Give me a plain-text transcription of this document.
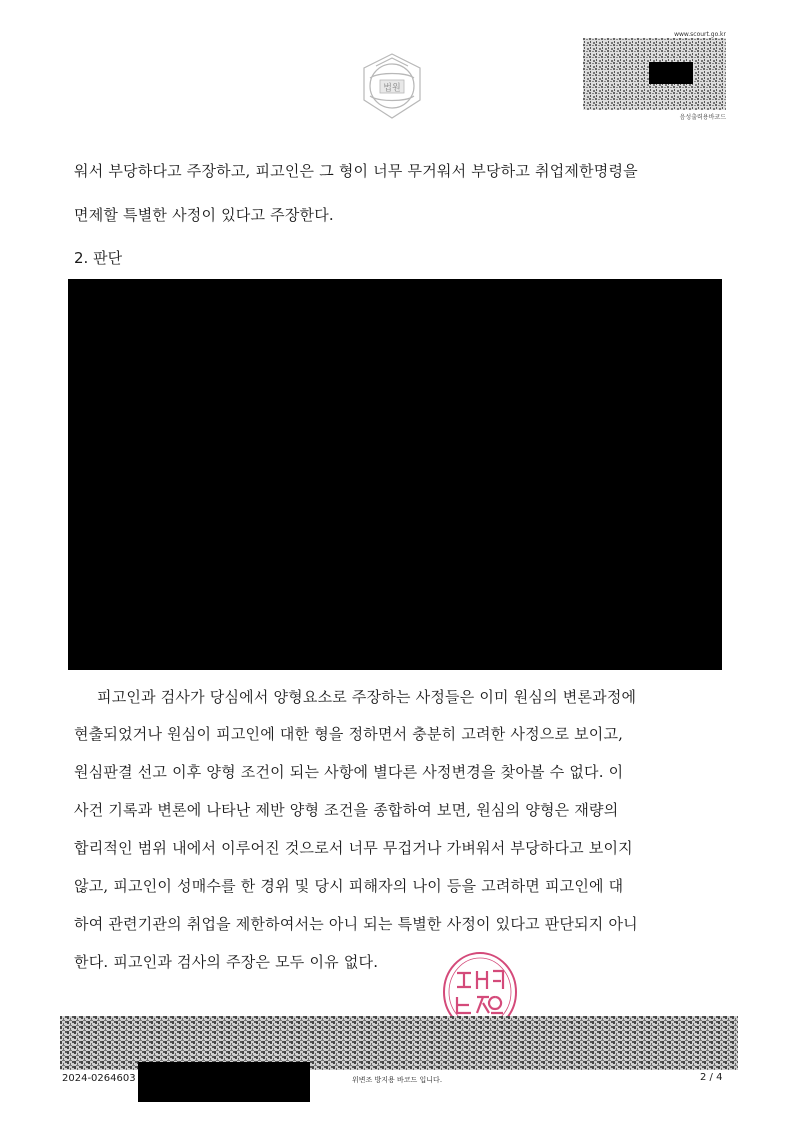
법원
www.scourt.go.kr
음성출력용바코드
워서 부당하다고 주장하고, 피고인은 그 형이 너무 무거워서 부당하고 취업제한명령을
면제할 특별한 사정이 있다고 주장한다.
2. 판단
피고인과 검사가 당심에서 양형요소로 주장하는 사정들은 이미 원심의 변론과정에
현출되었거나 원심이 피고인에 대한 형을 정하면서 충분히 고려한 사정으로 보이고,
원심판결 선고 이후 양형 조건이 되는 사항에 별다른 사정변경을 찾아볼 수 없다. 이
사건 기록과 변론에 나타난 제반 양형 조건을 종합하여 보면, 원심의 양형은 재량의
합리적인 범위 내에서 이루어진 것으로서 너무 무겁거나 가벼워서 부당하다고 보이지
않고, 피고인이 성매수를 한 경위 및 당시 피해자의 나이 등을 고려하면 피고인에 대
하여 관련기관의 취업을 제한하여서는 아니 되는 특별한 사정이 있다고 판단되지 아니
한다. 피고인과 검사의 주장은 모두 이유 없다.
2024-0264603	위변조 방지용 바코드 입니다.	2 / 4
